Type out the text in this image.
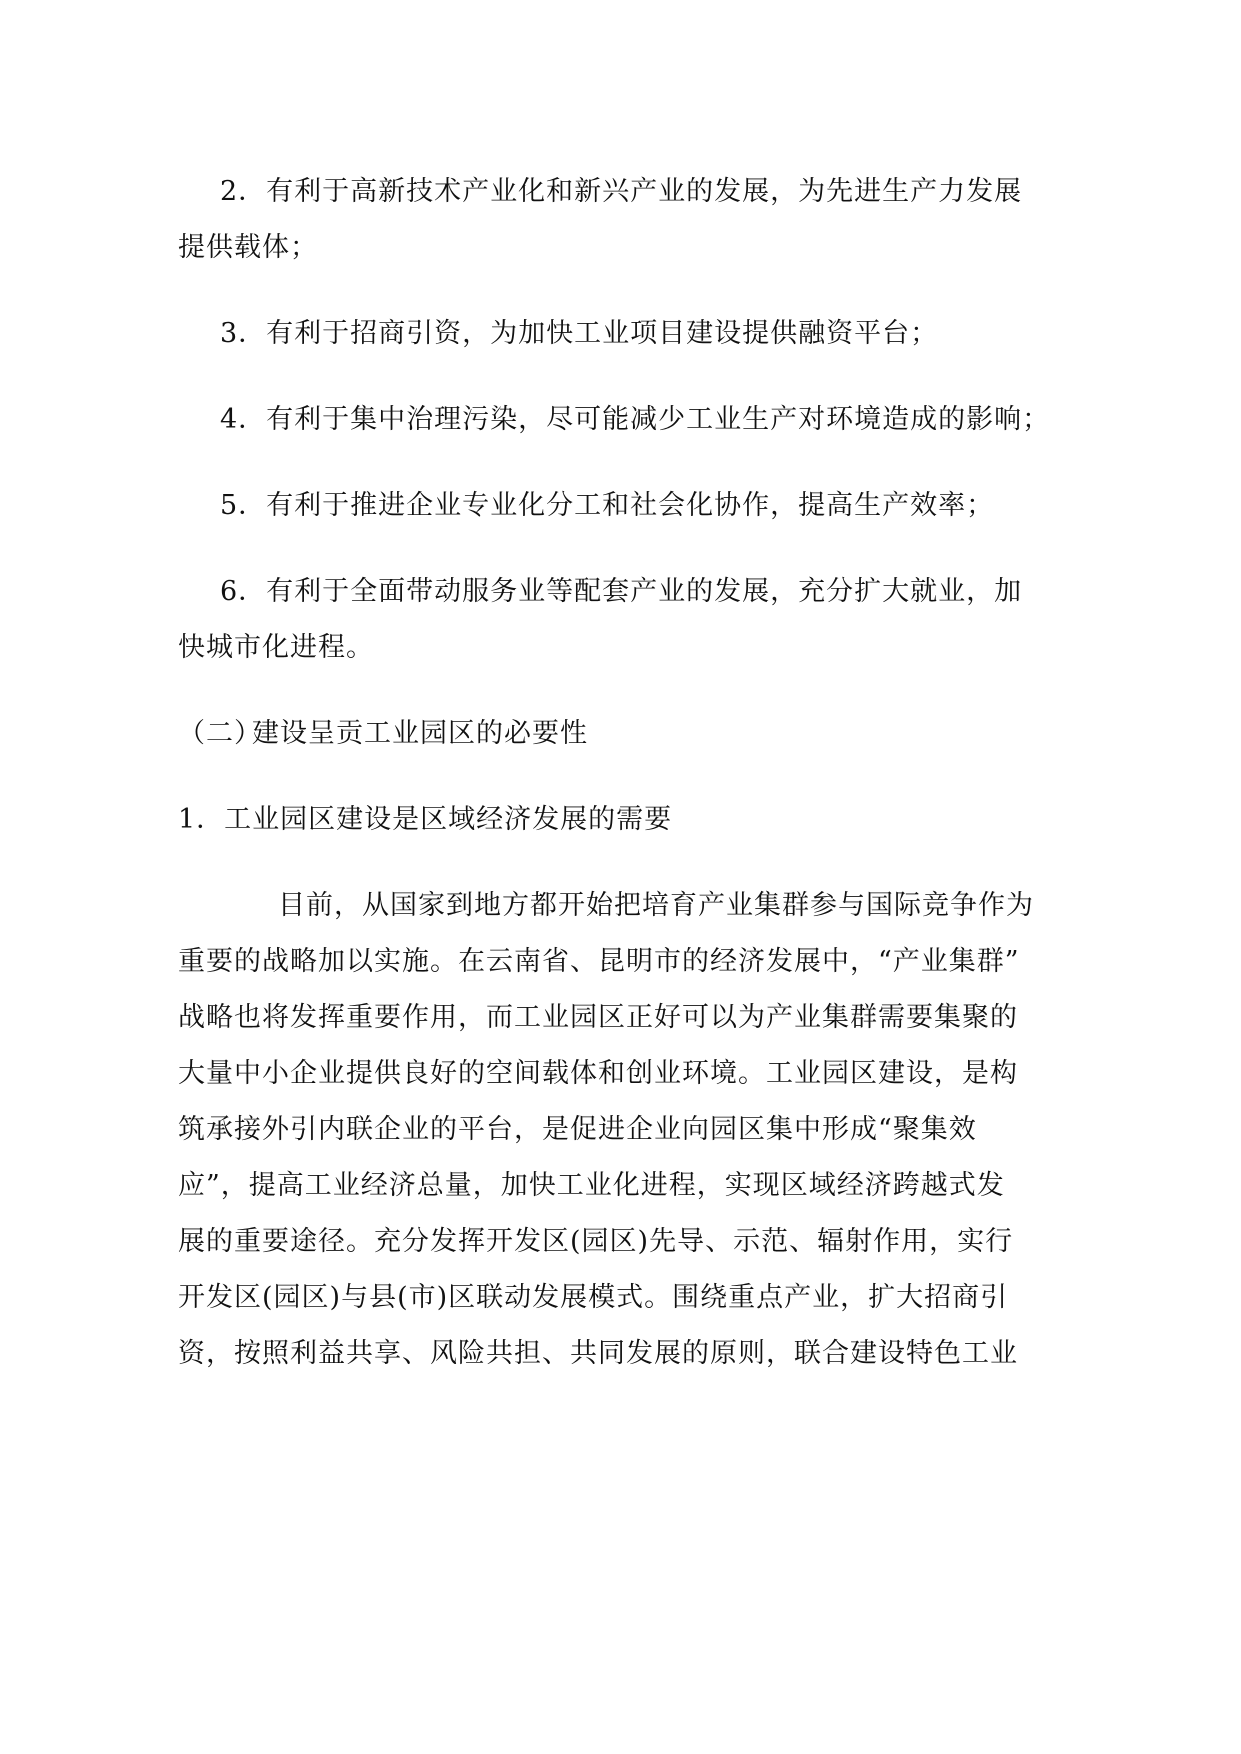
2．有利于高新技术产业化和新兴产业的发展，为先进生产力发展
提供载体；
3．有利于招商引资，为加快工业项目建设提供融资平台；
4．有利于集中治理污染，尽可能减少工业生产对环境造成的影响；
5．有利于推进企业专业化分工和社会化协作，提高生产效率；
6．有利于全面带动服务业等配套产业的发展，充分扩大就业，加
快城市化进程。
（二）
建设呈贡工业园区的必要性
1．工业园区建设是区域经济发展的需要
目前，从国家到地方都开始把培育产业集群参与国际竞争作为
重要的战略加以实施。在云南省、昆明市的经济发展中，“产业集群”
战略也将发挥重要作用，而工业园区正好可以为产业集群需要集聚的
大量中小企业提供良好的空间载体和创业环境。工业园区建设，是构
筑承接外引内联企业的平台，是促进企业向园区集中形成“聚集效
应”，提高工业经济总量，加快工业化进程，实现区域经济跨越式发
展的重要途径。充分发挥开发区(园区)先导、示范、辐射作用，实行
开发区(园区)与县(市)区联动发展模式。围绕重点产业，扩大招商引
资，按照利益共享、风险共担、共同发展的原则，联合建设特色工业
